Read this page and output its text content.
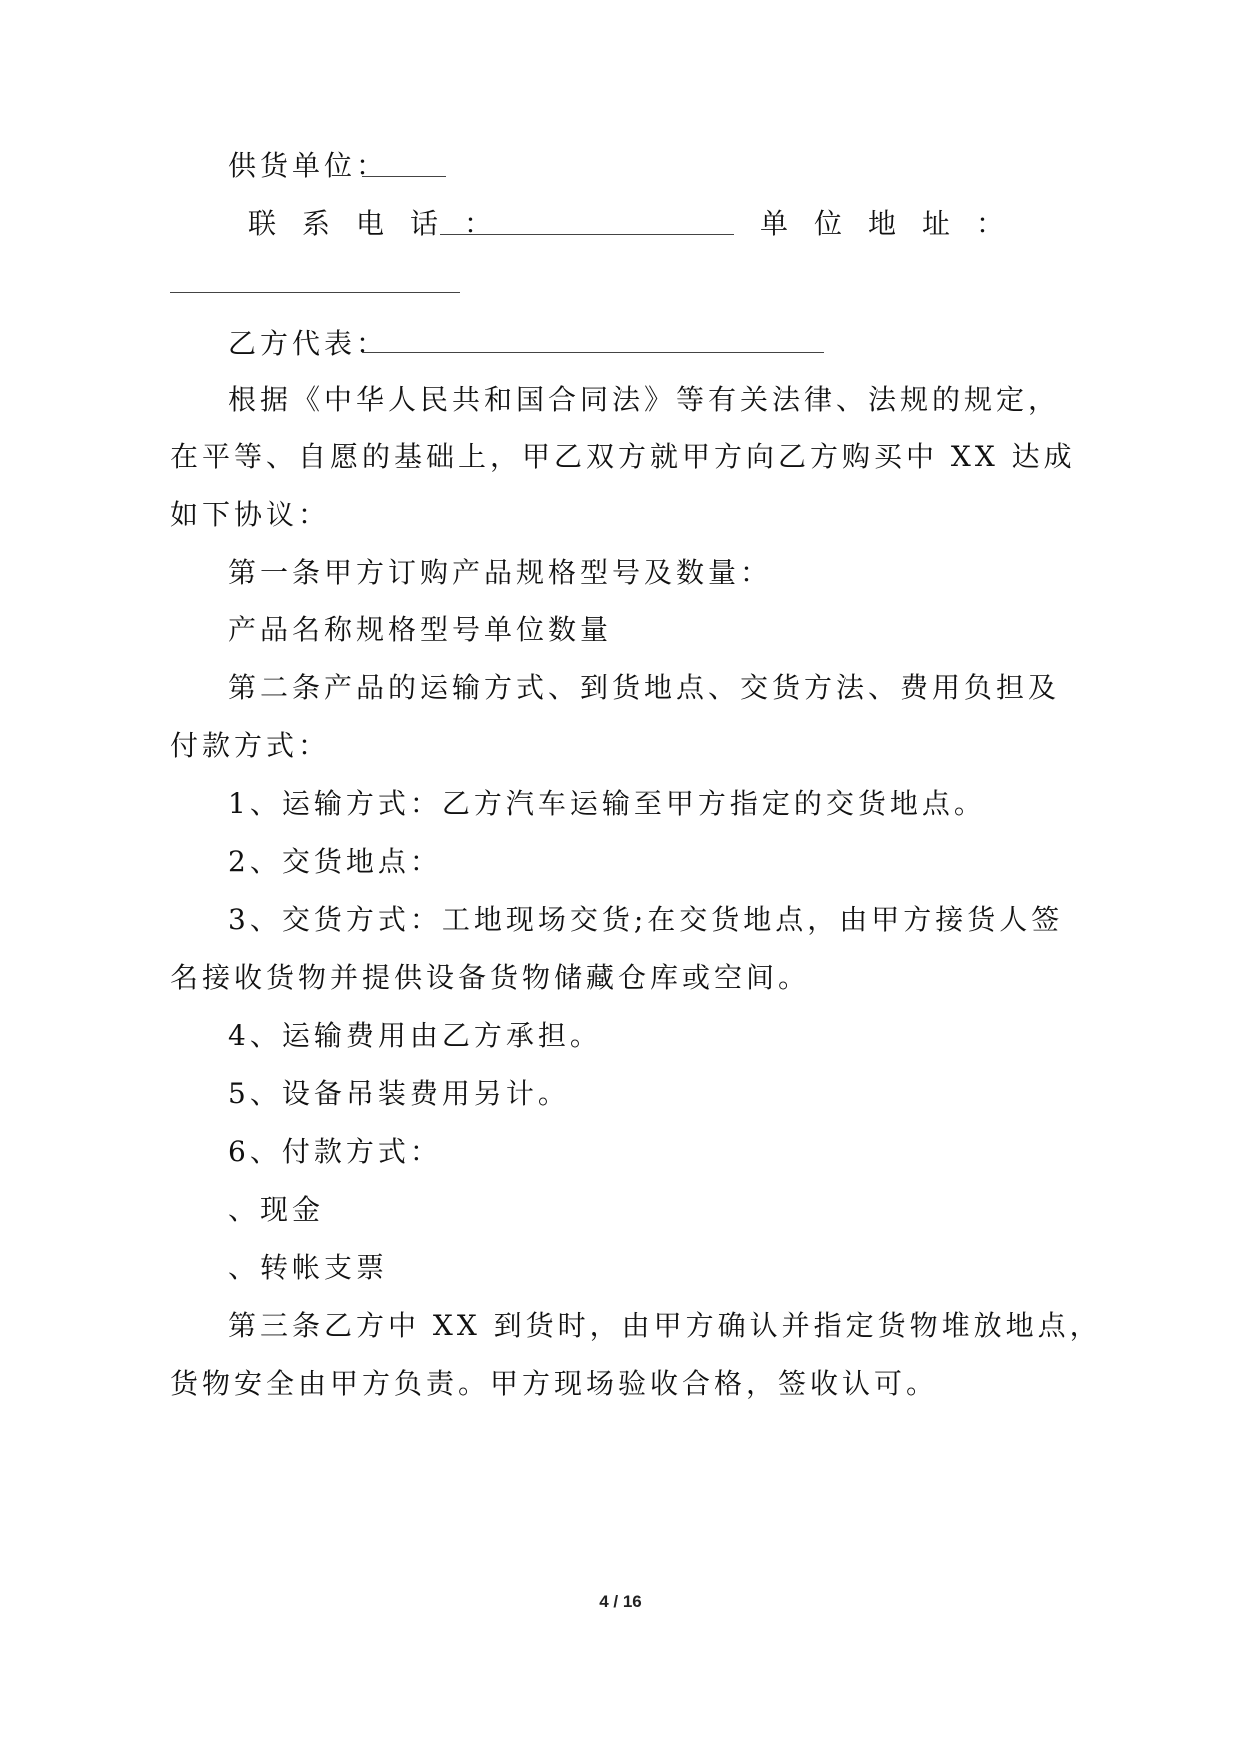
供货单位：
联系电话：	单位地址：
乙方代表：
根据《中华人民共和国合同法》等有关法律、法规的规定，
在平等、自愿的基础上，甲乙双方就甲方向乙方购买中 XX 达成
如下协议：
第一条甲方订购产品规格型号及数量：
产品名称规格型号单位数量
第二条产品的运输方式、到货地点、交货方法、费用负担及
付款方式：
1、运输方式：乙方汽车运输至甲方指定的交货地点。
2、交货地点：
3、交货方式：工地现场交货;在交货地点，由甲方接货人签
名接收货物并提供设备货物储藏仓库或空间。
4、运输费用由乙方承担。
5、设备吊装费用另计。
6、付款方式：
、现金
、转帐支票
第三条乙方中 XX 到货时，由甲方确认并指定货物堆放地点，
货物安全由甲方负责。甲方现场验收合格，签收认可。
4 / 16
